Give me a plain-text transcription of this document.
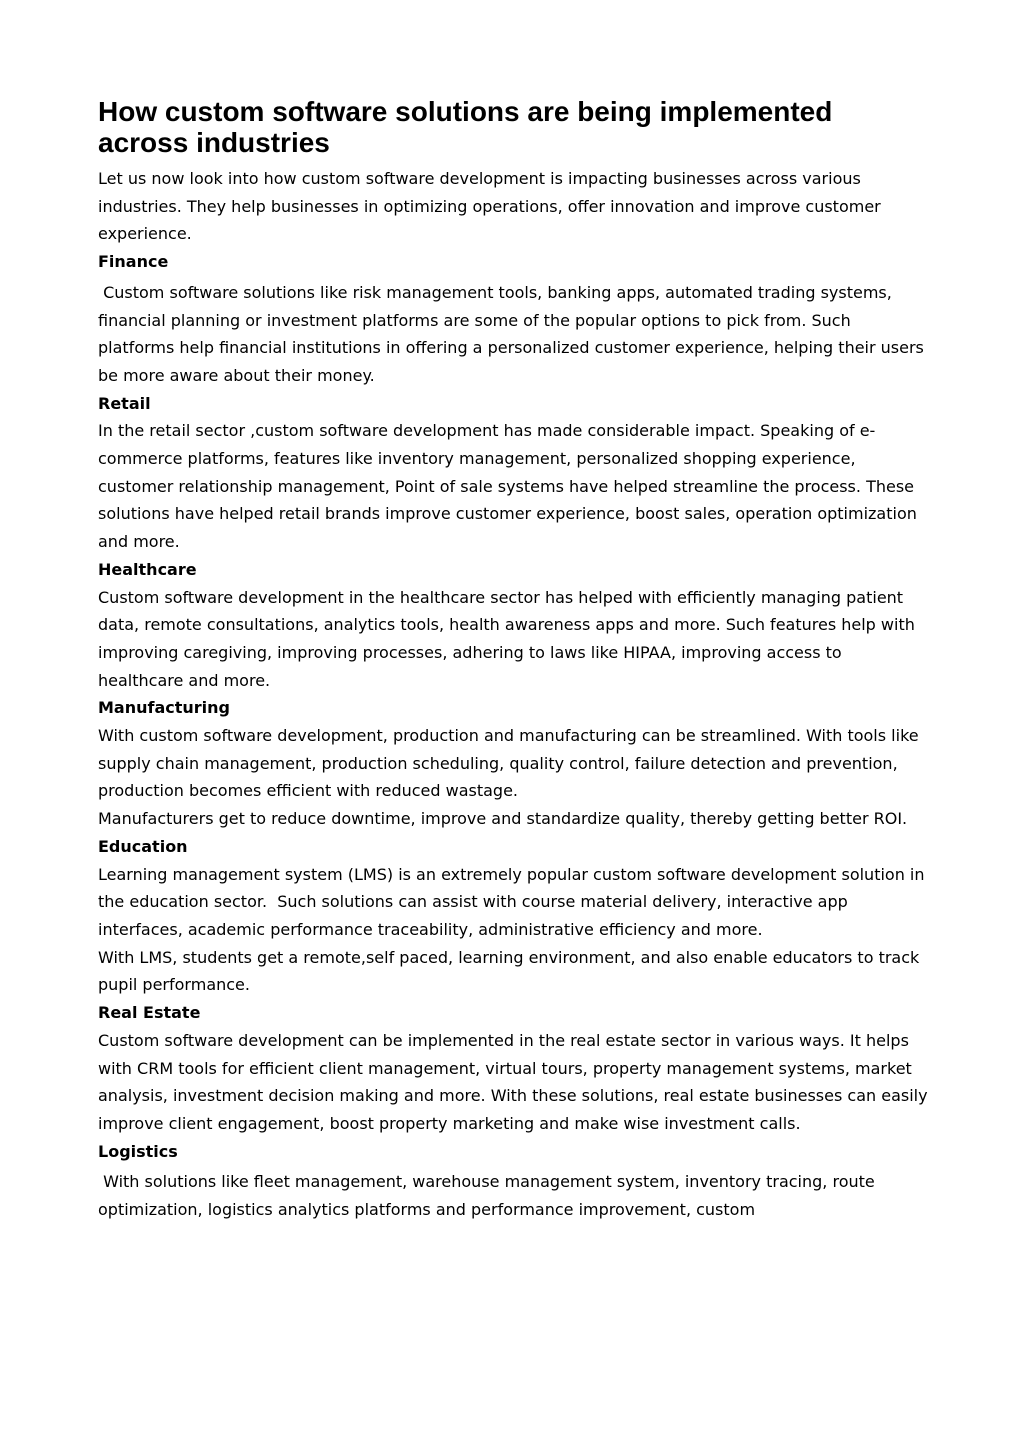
How custom software solutions are being implemented across industries

Let us now look into how custom software development is impacting businesses across various industries. They help businesses in optimizing operations, offer innovation and improve customer experience.

Finance

Custom software solutions like risk management tools, banking apps, automated trading systems, financial planning or investment platforms are some of the popular options to pick from. Such platforms help financial institutions in offering a personalized customer experience, helping their users be more aware about their money.

Retail

In the retail sector ,custom software development has made considerable impact. Speaking of e-commerce platforms, features like inventory management, personalized shopping experience, customer relationship management, Point of sale systems have helped streamline the process. These solutions have helped retail brands improve customer experience, boost sales, operation optimization and more.

Healthcare

Custom software development in the healthcare sector has helped with efficiently managing patient data, remote consultations, analytics tools, health awareness apps and more. Such features help with improving caregiving, improving processes, adhering to laws like HIPAA, improving access to healthcare and more.

Manufacturing

With custom software development, production and manufacturing can be streamlined. With tools like supply chain management, production scheduling, quality control, failure detection and prevention, production becomes efficient with reduced wastage.

Manufacturers get to reduce downtime, improve and standardize quality, thereby getting better ROI.

Education

Learning management system (LMS) is an extremely popular custom software development solution in the education sector.  Such solutions can assist with course material delivery, interactive app interfaces, academic performance traceability, administrative efficiency and more.

With LMS, students get a remote,self paced, learning environment, and also enable educators to track pupil performance.

Real Estate

Custom software development can be implemented in the real estate sector in various ways. It helps with CRM tools for efficient client management, virtual tours, property management systems, market analysis, investment decision making and more. With these solutions, real estate businesses can easily improve client engagement, boost property marketing and make wise investment calls.

Logistics

With solutions like fleet management, warehouse management system, inventory tracing, route optimization, logistics analytics platforms and performance improvement, custom
